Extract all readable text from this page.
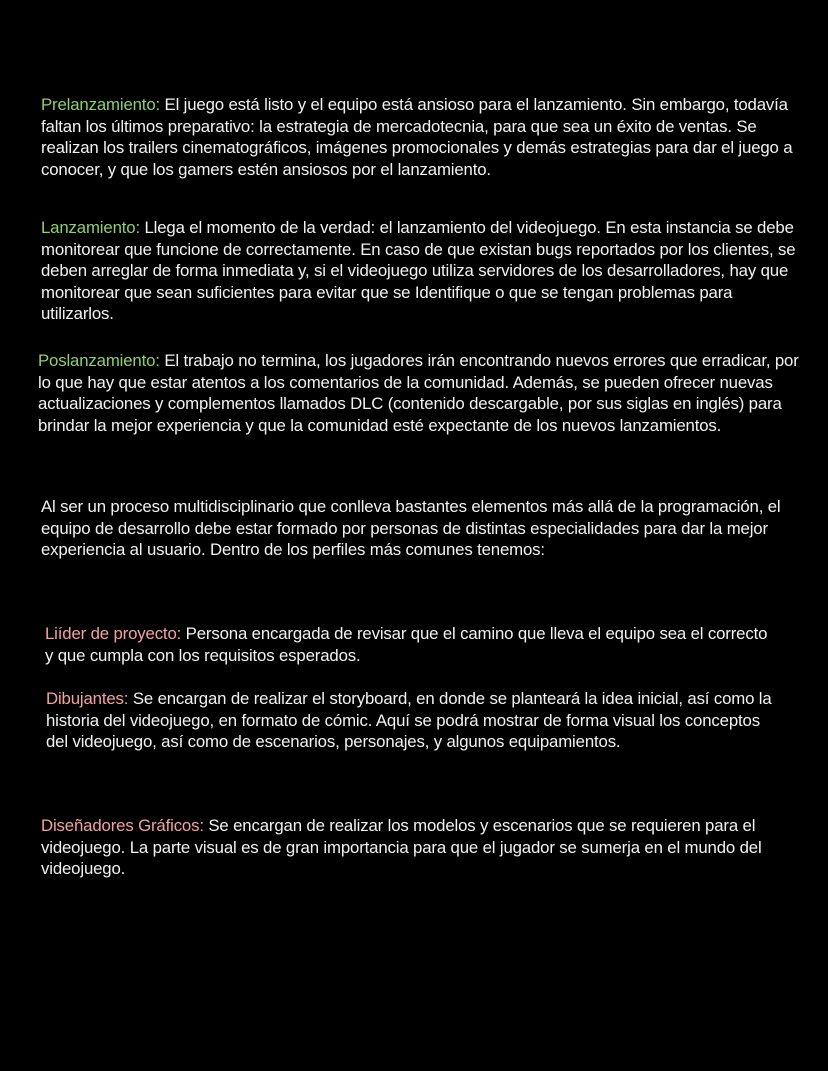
Prelanzamiento: El juego está listo y el equipo está ansioso para el lanzamiento. Sin embargo, todavía faltan los últimos preparativo: la estrategia de mercadotecnia, para que sea un éxito de ventas. Se realizan los trailers cinematográficos, imágenes promocionales y demás estrategias para dar el juego a conocer, y que los gamers estén ansiosos por el lanzamiento.

Lanzamiento: Llega el momento de la verdad: el lanzamiento del videojuego. En esta instancia se debe monitorear que funcione de correctamente. En caso de que existan bugs reportados por los clientes, se deben arreglar de forma inmediata y, si el videojuego utiliza servidores de los desarrolladores, hay que monitorear que sean suficientes para evitar que se Identifique o que se tengan problemas para utilizarlos.

Poslanzamiento: El trabajo no termina, los jugadores irán encontrando nuevos errores que erradicar, por lo que hay que estar atentos a los comentarios de la comunidad. Además, se pueden ofrecer nuevas actualizaciones y complementos llamados DLC (contenido descargable, por sus siglas en inglés) para brindar la mejor experiencia y que la comunidad esté expectante de los nuevos lanzamientos.

Al ser un proceso multidisciplinario que conlleva bastantes elementos más allá de la programación, el equipo de desarrollo debe estar formado por personas de distintas especialidades para dar la mejor experiencia al usuario. Dentro de los perfiles más comunes tenemos:

Liíder de proyecto: Persona encargada de revisar que el camino que lleva el equipo sea el correcto y que cumpla con los requisitos esperados.

Dibujantes: Se encargan de realizar el storyboard, en donde se planteará la idea inicial, así como la historia del videojuego, en formato de cómic. Aquí se podrá mostrar de forma visual los conceptos del videojuego, así como de escenarios, personajes, y algunos equipamientos.

Diseñadores Gráficos: Se encargan de realizar los modelos y escenarios que se requieren para el videojuego. La parte visual es de gran importancia para que el jugador se sumerja en el mundo del videojuego.
